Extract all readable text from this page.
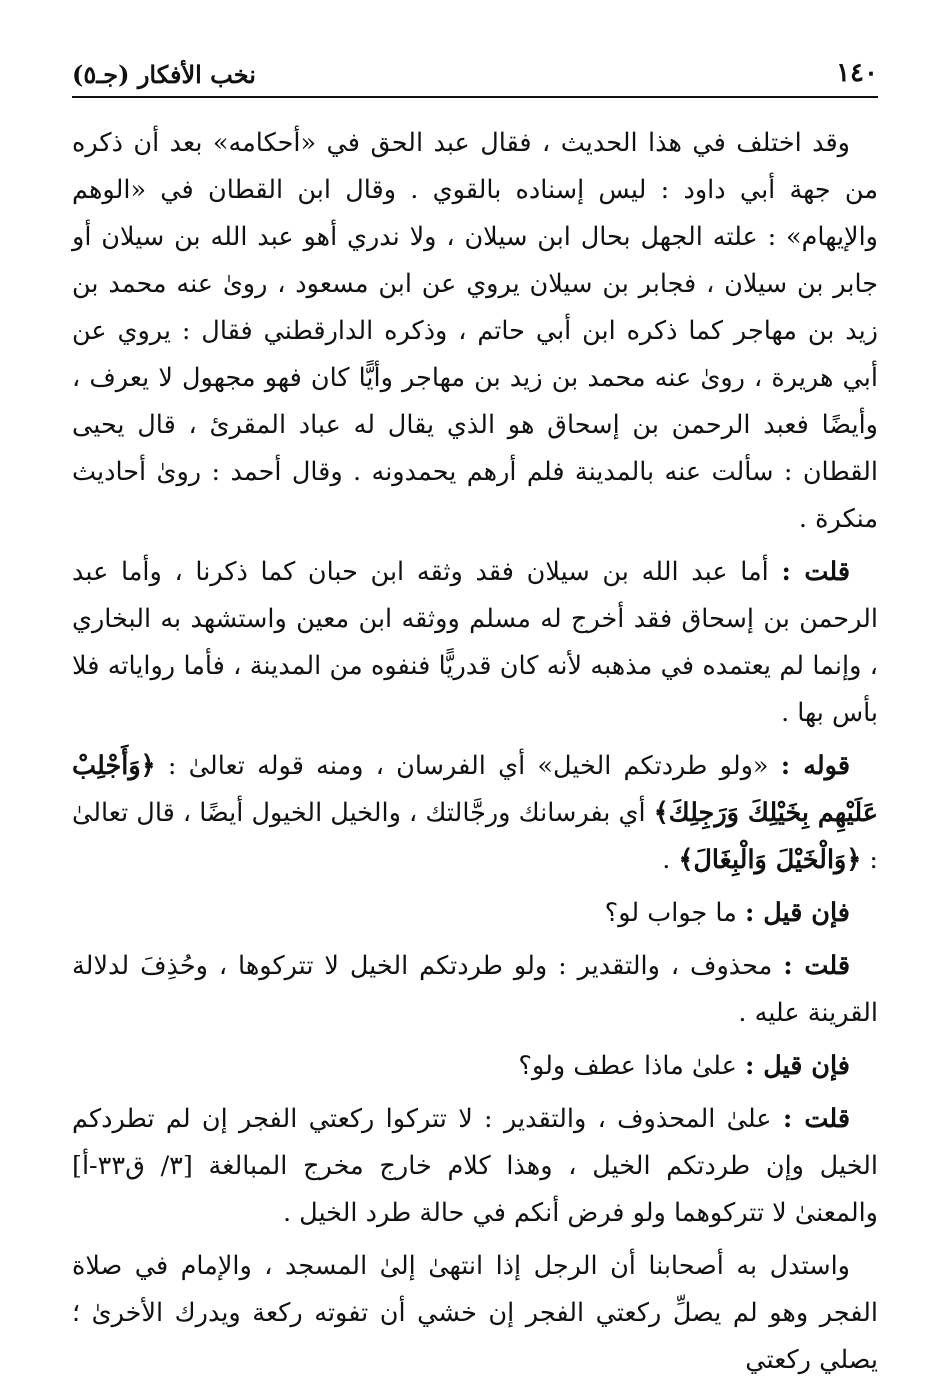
١٤٠
نخب الأفكار (جـ٥)

وقد اختلف في هذا الحديث ، فقال عبد الحق في «أحكامه» بعد أن ذكره من جهة أبي داود : ليس إسناده بالقوي . وقال ابن القطان في «الوهم والإيهام» : علته الجهل بحال ابن سيلان ، ولا ندري أهو عبد الله بن سيلان أو جابر بن سيلان ، فجابر بن سيلان يروي عن ابن مسعود ، روىٰ عنه محمد بن زيد بن مهاجر كما ذكره ابن أبي حاتم ، وذكره الدارقطني فقال : يروي عن أبي هريرة ، روىٰ عنه محمد بن زيد بن مهاجر وأيًّا كان فهو مجهول لا يعرف ، وأيضًا فعبد الرحمن بن إسحاق هو الذي يقال له عباد المقرئ ، قال يحيى القطان : سألت عنه بالمدينة فلم أرهم يحمدونه . وقال أحمد : روىٰ أحاديث منكرة .

قلت : أما عبد الله بن سيلان فقد وثقه ابن حبان كما ذكرنا ، وأما عبد الرحمن بن إسحاق فقد أخرج له مسلم ووثقه ابن معين واستشهد به البخاري ، وإنما لم يعتمده في مذهبه لأنه كان قدريًّا فنفوه من المدينة ، فأما رواياته فلا بأس بها .

قوله : «ولو طردتكم الخيل» أي الفرسان ، ومنه قوله تعالىٰ : ﴿وَأَجْلِبْ عَلَيْهِم بِخَيْلِكَ وَرَجِلِكَ﴾ أي بفرسانك ورجَّالتك ، والخيل الخيول أيضًا ، قال تعالىٰ : ﴿وَالْخَيْلَ وَالْبِغَالَ﴾ .

فإن قيل : ما جواب لو؟

قلت : محذوف ، والتقدير : ولو طردتكم الخيل لا تتركوها ، وحُذِفَ لدلالة القرينة عليه .

فإن قيل : علىٰ ماذا عطف ولو؟

قلت : علىٰ المحذوف ، والتقدير : لا تتركوا ركعتي الفجر إن لم تطردكم الخيل وإن طردتكم الخيل ، وهذا كلام خارج مخرج المبالغة [٣/ ق٣٣-أ] والمعنىٰ لا تتركوهما ولو فرض أنكم في حالة طرد الخيل .

واستدل به أصحابنا أن الرجل إذا انتهىٰ إلىٰ المسجد ، والإمام في صلاة الفجر وهو لم يصلِّ ركعتي الفجر إن خشي أن تفوته ركعة ويدرك الأخرىٰ ؛ يصلي ركعتي
